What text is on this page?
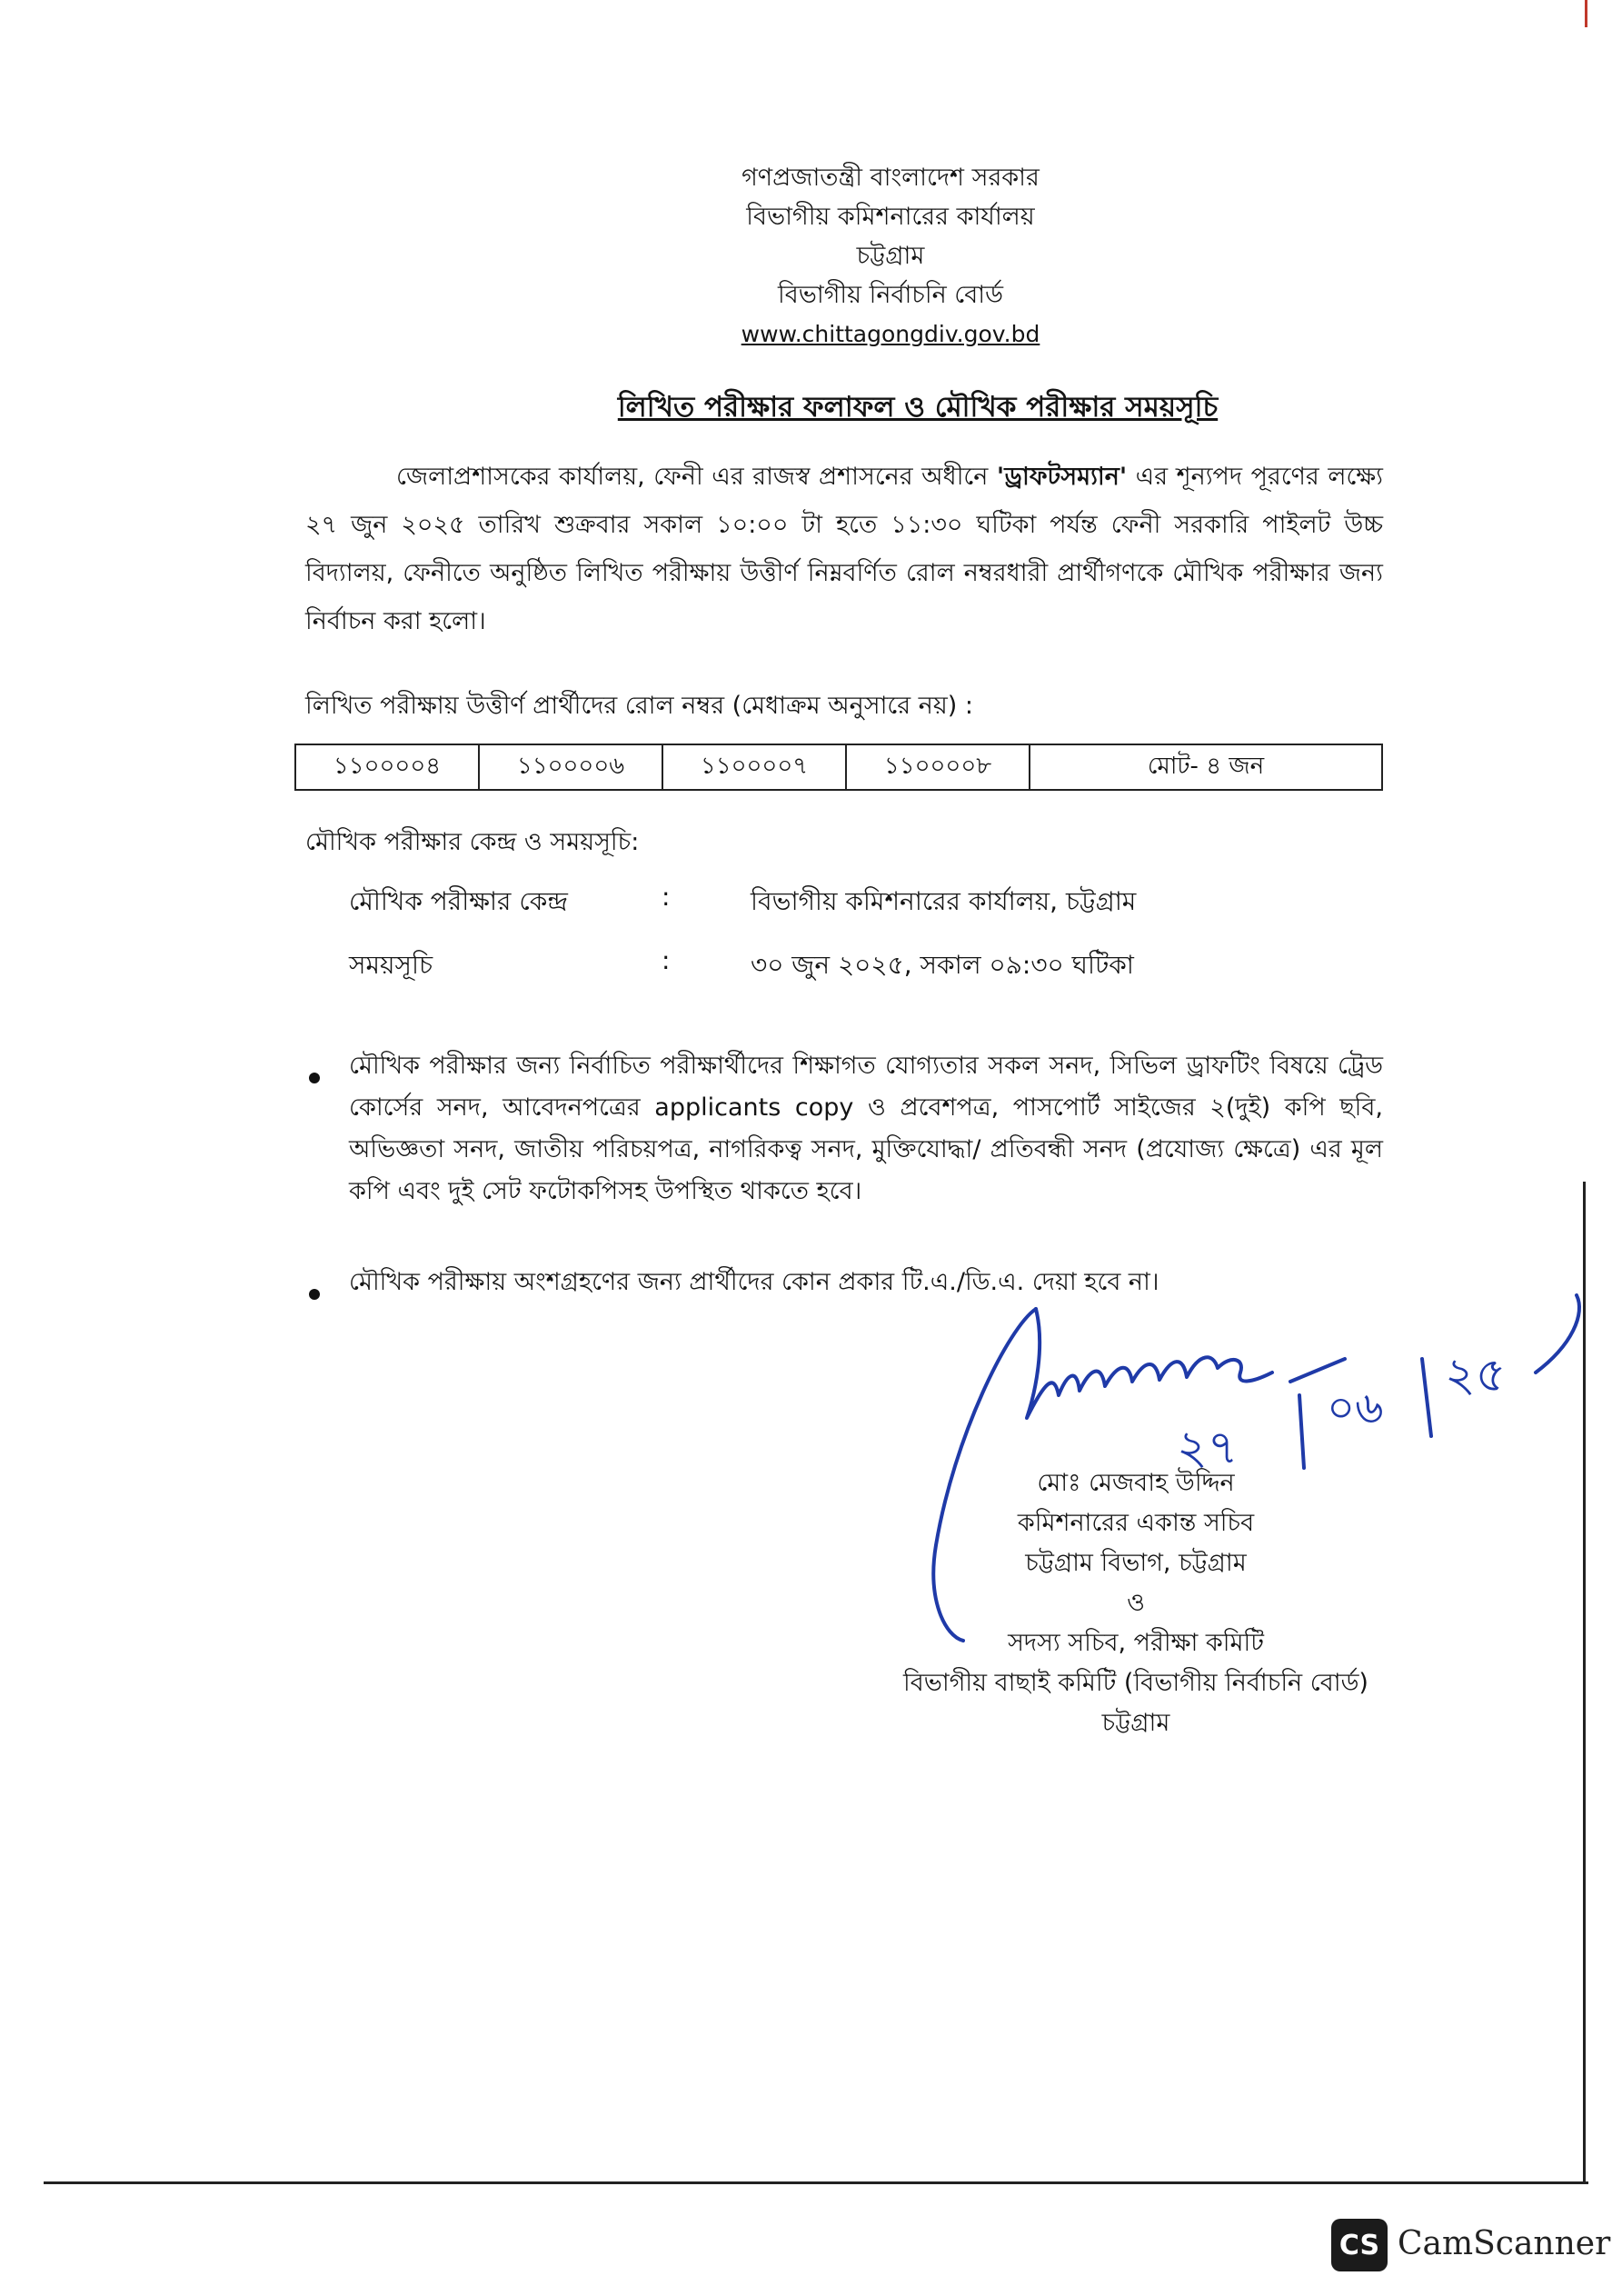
গণপ্রজাতন্ত্রী বাংলাদেশ সরকার
বিভাগীয় কমিশনারের কার্যালয়
চট্টগ্রাম
বিভাগীয় নির্বাচনি বোর্ড
www.chittagongdiv.gov.bd
লিখিত পরীক্ষার ফলাফল ও মৌখিক পরীক্ষার সময়সূচি
জেলাপ্রশাসকের কার্যালয়, ফেনী এর রাজস্ব প্রশাসনের অধীনে 'ড্রাফটসম্যান' এর শূন্যপদ পূরণের লক্ষ্যে ২৭ জুন ২০২৫ তারিখ শুক্রবার সকাল ১০:০০ টা হতে ১১:৩০ ঘটিকা পর্যন্ত ফেনী সরকারি পাইলট উচ্চ বিদ্যালয়, ফেনীতে অনুষ্ঠিত লিখিত পরীক্ষায় উত্তীর্ণ নিম্নবর্ণিত রোল নম্বরধারী প্রার্থীগণকে মৌখিক পরীক্ষার জন্য নির্বাচন করা হলো।
লিখিত পরীক্ষায় উত্তীর্ণ প্রার্থীদের রোল নম্বর (মেধাক্রম অনুসারে নয়) :
১১০০০০৪	১১০০০০৬	১১০০০০৭	১১০০০০৮	মোট- ৪ জন
মৌখিক পরীক্ষার কেন্দ্র ও সময়সূচি:
মৌখিক পরীক্ষার কেন্দ্র	:	বিভাগীয় কমিশনারের কার্যালয়, চট্টগ্রাম
সময়সূচি	:	৩০ জুন ২০২৫, সকাল ০৯:৩০ ঘটিকা
মৌখিক পরীক্ষার জন্য নির্বাচিত পরীক্ষার্থীদের শিক্ষাগত যোগ্যতার সকল সনদ, সিভিল ড্রাফটিং বিষয়ে ট্রেড কোর্সের সনদ, আবেদনপত্রের applicants copy ও প্রবেশপত্র, পাসপোর্ট সাইজের ২(দুই) কপি ছবি, অভিজ্ঞতা সনদ, জাতীয় পরিচয়পত্র, নাগরিকত্ব সনদ, মুক্তিযোদ্ধা/ প্রতিবন্ধী সনদ (প্রযোজ্য ক্ষেত্রে) এর মূল কপি এবং দুই সেট ফটোকপিসহ উপস্থিত থাকতে হবে।
মৌখিক পরীক্ষায় অংশগ্রহণের জন্য প্রার্থীদের কোন প্রকার টি.এ./ডি.এ. দেয়া হবে না।
২৭
০৬
২৫
মোঃ মেজবাহ উদ্দিন
কমিশনারের একান্ত সচিব
চট্টগ্রাম বিভাগ, চট্টগ্রাম
ও
সদস্য সচিব, পরীক্ষা কমিটি
বিভাগীয় বাছাই কমিটি (বিভাগীয় নির্বাচনি বোর্ড)
চট্টগ্রাম
CS CamScanner
